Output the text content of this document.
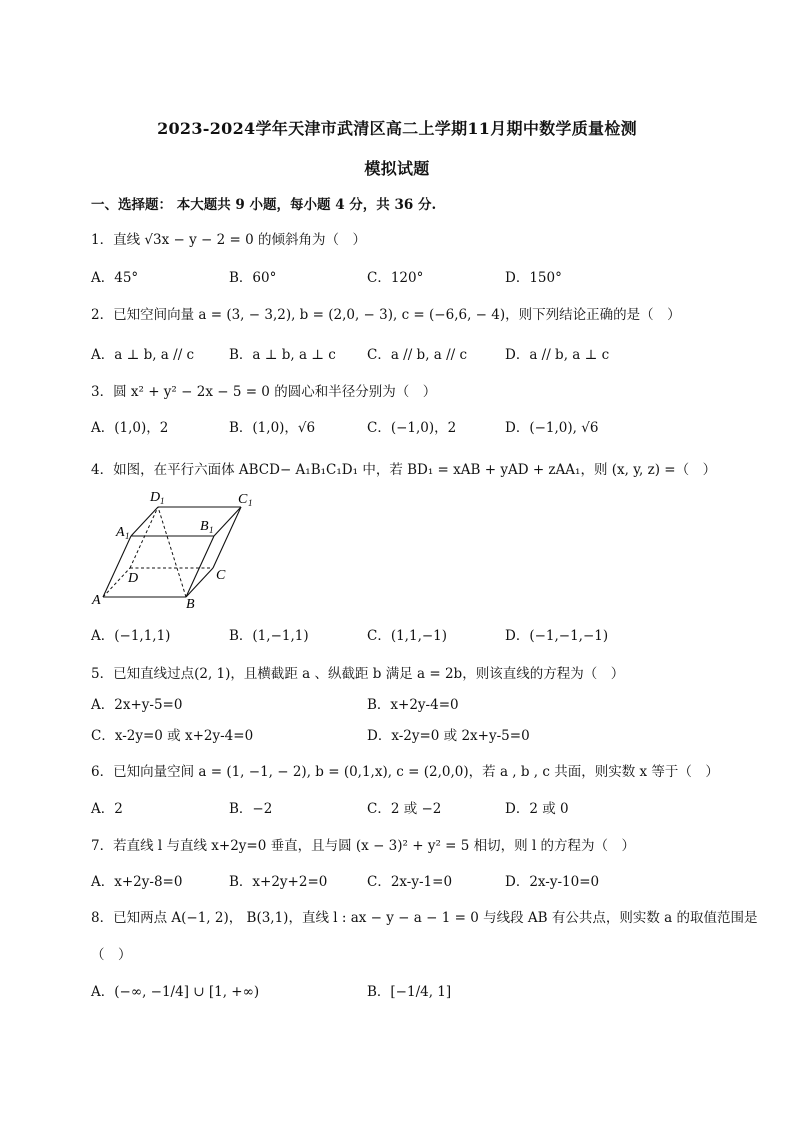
2023-2024学年天津市武清区高二上学期11月期中数学质量检测
模拟试题
一、选择题： 本大题共 9 小题，每小题 4 分，共 36 分.
1．直线 √3x − y − 2 = 0 的倾斜角为（　）
A．45°	B．60°	C．120°	D．150°
2．已知空间向量 a = (3, − 3,2), b = (2,0, − 3), c = (−6,6, − 4)，则下列结论正确的是（　）
A．a ⊥ b, a // c	B．a ⊥ b, a ⊥ c C．a // b, a // c	D．a // b, a ⊥ c
3．圆 x² + y² − 2x − 5 = 0 的圆心和半径分别为（　）
A．(1,0)，2	B．(1,0)，√6	C．(−1,0)，2	D．(−1,0), √6
4．如图，在平行六面体 ABCD− A₁B₁C₁D₁ 中，若 BD₁ = xAB + yAD + zAA₁，则 (x, y, z) =（　）
D 1	C 1
A 1
B 1
D	C
A	B
A．(−1,1,1)	B．(1,−1,1)	C．(1,1,−1)	D．(−1,−1,−1)
5．已知直线过点(2, 1)，且横截距 a 、纵截距 b 满足 a = 2b，则该直线的方程为（　）
A．2x+y-5=0	B．x+2y-4=0
C．x-2y=0 或 x+2y-4=0	D．x-2y=0 或 2x+y-5=0
6．已知向量空间 a = (1, −1, − 2), b = (0,1,x), c = (2,0,0)，若 a , b , c 共面，则实数 x 等于（　）
A．2	B．−2	C．2 或 −2	D．2 或 0
7．若直线 l 与直线 x+2y=0 垂直，且与圆 (x − 3)² + y² = 5 相切，则 l 的方程为（　）
A．x+2y-8=0	B．x+2y+2=0	C．2x-y-1=0	D．2x-y-10=0
8．已知两点 A(−1, 2)， B(3,1)，直线 l : ax − y − a − 1 = 0 与线段 AB 有公共点，则实数 a 的取值范围是
（　）
A．(−∞, −1/4] ∪ [1, +∞)	B．[−1/4, 1]
